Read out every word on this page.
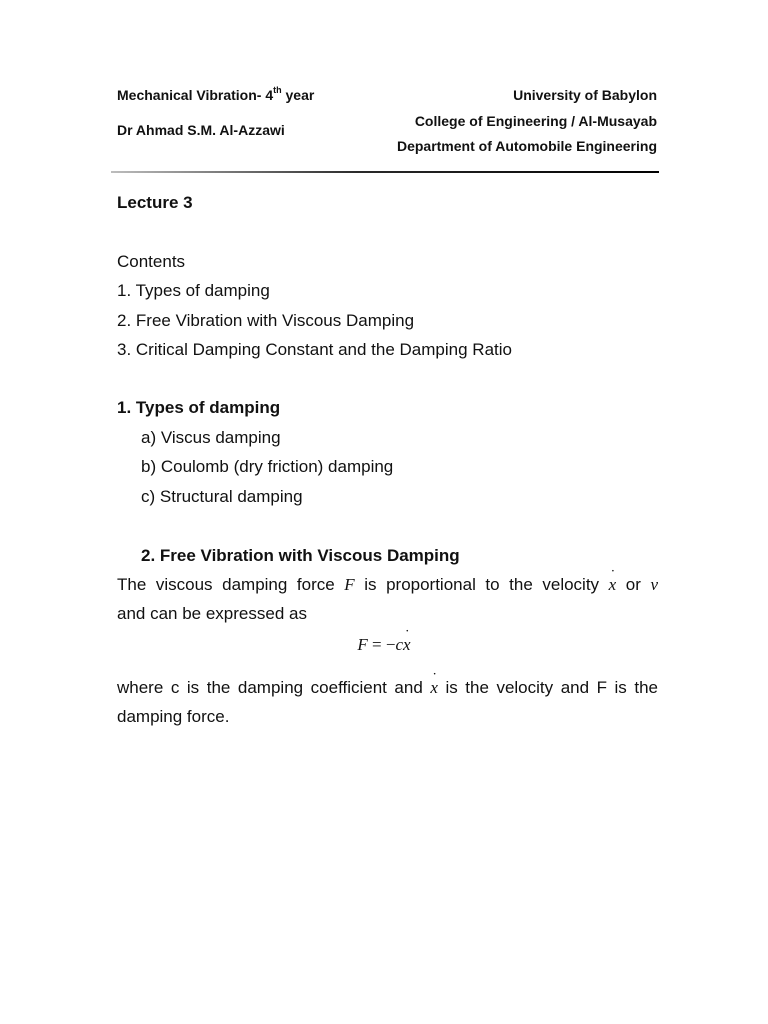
Mechanical Vibration- 4th year
Dr Ahmad S.M. Al-Azzawi
University of Babylon
College of Engineering / Al-Musayab
Department of Automobile Engineering
Lecture 3
Contents
1. Types of damping
2. Free Vibration with Viscous Damping
3. Critical Damping Constant and the Damping Ratio
1. Types of damping
a) Viscus damping
b) Coulomb (dry friction) damping
c) Structural damping
2. Free Vibration with Viscous Damping
The viscous damping force F is proportional to the velocity ˙ x or v
and can be expressed as
F = −c˙ x
where c is the damping coefficient and ˙ x is the velocity and F is the
damping force.
